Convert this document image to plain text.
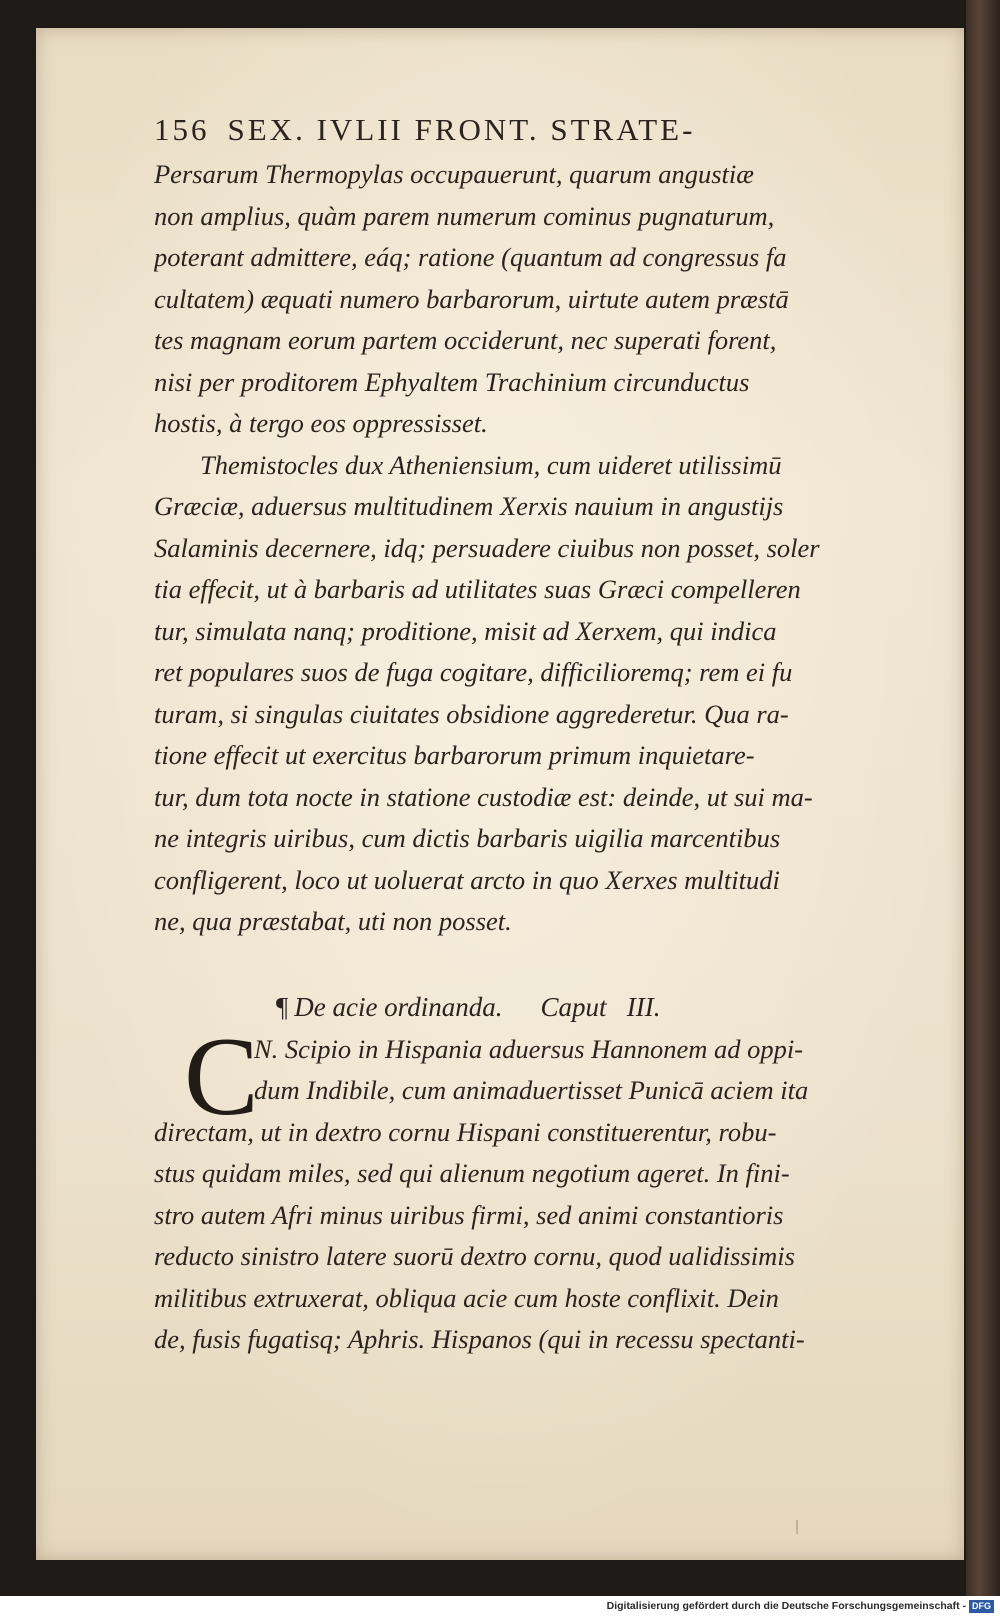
156 SEX. IVLII FRONT. STRATE-
Persarum Thermopylas occupauerunt, quarum angustiæ
non amplius, quàm parem numerum cominus pugnaturum,
poterant admittere, eáq; ratione (quantum ad congressus fa
cultatem) æquati numero barbarorum, uirtute autem præstā
tes magnam eorum partem occiderunt, nec superati forent,
nisi per proditorem Ephyaltem Trachinium circunductus
hostis, à tergo eos oppressisset.
Themistocles dux Atheniensium, cum uideret utilissimū
Græciæ, aduersus multitudinem Xerxis nauium in angustijs
Salaminis decernere, idq; persuadere ciuibus non posset, soler
tia effecit, ut à barbaris ad utilitates suas Græci compelleren
tur, simulata nanq; proditione, misit ad Xerxem, qui indica
ret populares suos de fuga cogitare, difficilioremq; rem ei fu
turam, si singulas ciuitates obsidione aggrederetur. Qua ra-
tione effecit ut exercitus barbarorum primum inquietare-
tur, dum tota nocte in statione custodiæ est: deinde, ut sui ma-
ne integris uiribus, cum dictis barbaris uigilia marcentibus
confligerent, loco ut uoluerat arcto in quo Xerxes multitudi
ne, qua præstabat, uti non posset.
¶ De acie ordinanda. Caput III.
C
N. Scipio in Hispania aduersus Hannonem ad oppi-
dum Indibile, cum animaduertisset Punicā aciem ita
directam, ut in dextro cornu Hispani constituerentur, robu-
stus quidam miles, sed qui alienum negotium ageret. In fini-
stro autem Afri minus uiribus firmi, sed animi constantioris
reducto sinistro latere suorū dextro cornu, quod ualidissimis
militibus extruxerat, obliqua acie cum hoste conflixit. Dein
de, fusis fugatisq; Aphris. Hispanos (qui in recessu spectanti-
Digitalisierung gefördert durch die Deutsche Forschungsgemeinschaft - DFG
